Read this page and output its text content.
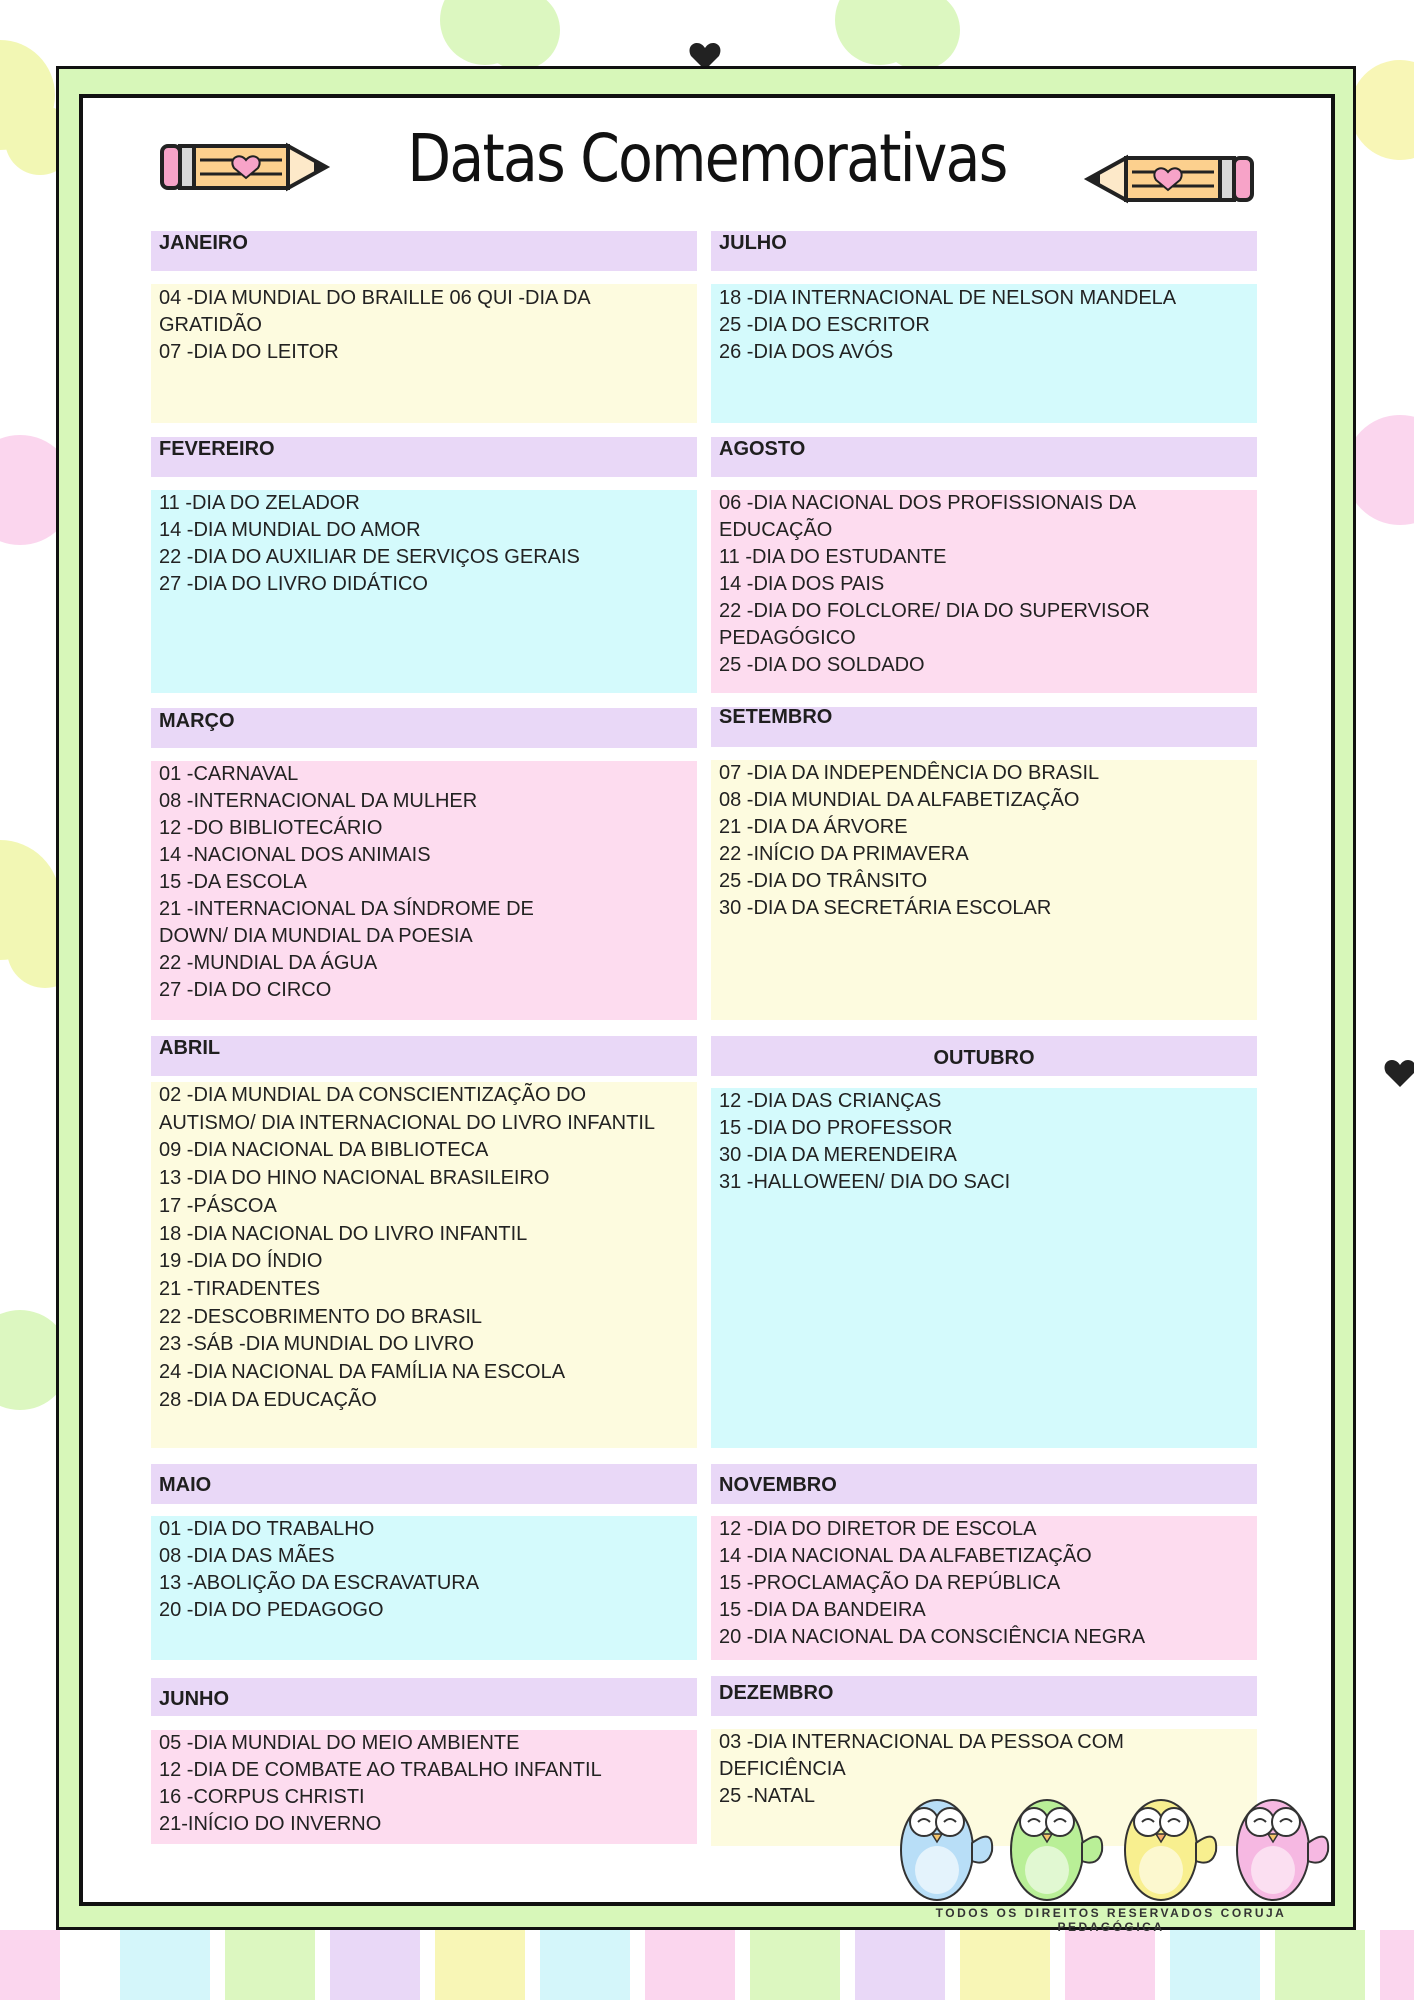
Datas Comemorativas
JANEIRO
04 -DIA MUNDIAL DO BRAILLE 06 QUI -DIA DA
GRATIDÃO
07 -DIA DO LEITOR
FEVEREIRO
11 -DIA DO ZELADOR
14 -DIA MUNDIAL DO AMOR
22 -DIA DO AUXILIAR DE SERVIÇOS GERAIS
27 -DIA DO LIVRO DIDÁTICO
MARÇO
01 -CARNAVAL
08 -INTERNACIONAL DA MULHER
12 -DO BIBLIOTECÁRIO
14 -NACIONAL DOS ANIMAIS
15 -DA ESCOLA
21 -INTERNACIONAL DA SÍNDROME DE
DOWN/ DIA MUNDIAL DA POESIA
22 -MUNDIAL DA ÁGUA
27 -DIA DO CIRCO
ABRIL
02 -DIA MUNDIAL DA CONSCIENTIZAÇÃO DO
AUTISMO/ DIA INTERNACIONAL DO LIVRO INFANTIL
09 -DIA NACIONAL DA BIBLIOTECA
13 -DIA DO HINO NACIONAL BRASILEIRO
17 -PÁSCOA
18 -DIA NACIONAL DO LIVRO INFANTIL
19 -DIA DO ÍNDIO
21 -TIRADENTES
22 -DESCOBRIMENTO DO BRASIL
23 -SÁB -DIA MUNDIAL DO LIVRO
24 -DIA NACIONAL DA FAMÍLIA NA ESCOLA
28 -DIA DA EDUCAÇÃO
MAIO
01 -DIA DO TRABALHO
08 -DIA DAS MÃES
13 -ABOLIÇÃO DA ESCRAVATURA
20 -DIA DO PEDAGOGO
JUNHO
05 -DIA MUNDIAL DO MEIO AMBIENTE
12 -DIA DE COMBATE AO TRABALHO INFANTIL
16 -CORPUS CHRISTI
21-INÍCIO DO INVERNO
JULHO
18 -DIA INTERNACIONAL DE NELSON MANDELA
25 -DIA DO ESCRITOR
26 -DIA DOS AVÓS
AGOSTO
06 -DIA NACIONAL DOS PROFISSIONAIS DA
EDUCAÇÃO
11 -DIA DO ESTUDANTE
14 -DIA DOS PAIS
22 -DIA DO FOLCLORE/ DIA DO SUPERVISOR
PEDAGÓGICO
25 -DIA DO SOLDADO
SETEMBRO
07 -DIA DA INDEPENDÊNCIA DO BRASIL
08 -DIA MUNDIAL DA ALFABETIZAÇÃO
21 -DIA DA ÁRVORE
22 -INÍCIO DA PRIMAVERA
25 -DIA DO TRÂNSITO
30 -DIA DA SECRETÁRIA ESCOLAR
OUTUBRO
12 -DIA DAS CRIANÇAS
15 -DIA DO PROFESSOR
30 -DIA DA MERENDEIRA
31 -HALLOWEEN/ DIA DO SACI
NOVEMBRO
12 -DIA DO DIRETOR DE ESCOLA
14 -DIA NACIONAL DA ALFABETIZAÇÃO
15 -PROCLAMAÇÃO DA REPÚBLICA
15 -DIA DA BANDEIRA
20 -DIA NACIONAL DA CONSCIÊNCIA NEGRA
DEZEMBRO
03 -DIA INTERNACIONAL DA PESSOA COM
DEFICIÊNCIA
25 -NATAL
TODOS OS DIREITOS RESERVADOS CORUJA PEDAGÓGICA
